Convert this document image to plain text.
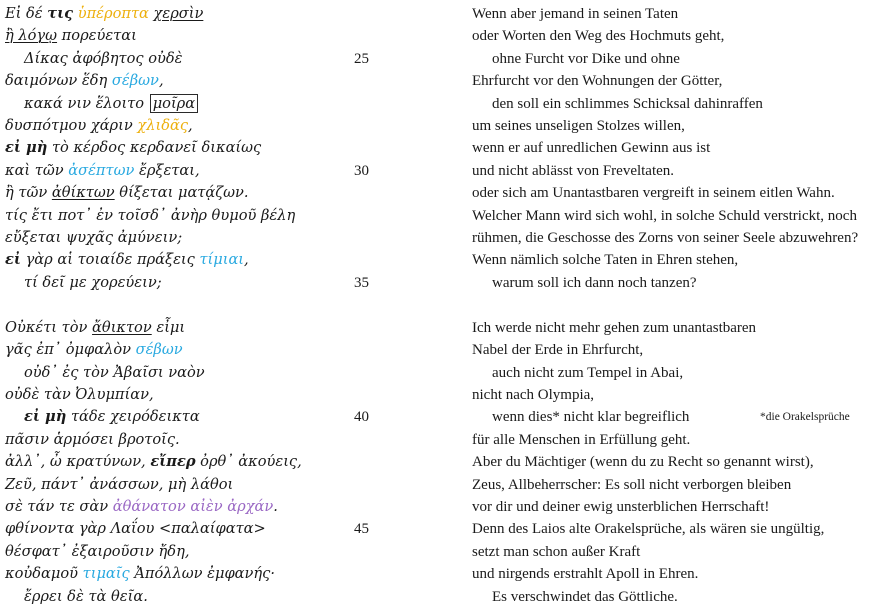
Εἰ δέ τις ὑπέροπτα χερσὶν	Wenn aber jemand in seinen Taten
ἢ λόγῳ πορεύεται	oder Worten den Weg des Hochmuts geht,
Δίκας ἀφόβητος οὐδὲ	25	ohne Furcht vor Dike und ohne
δαιμόνων ἕδη σέβων,	Ehrfurcht vor den Wohnungen der Götter,
κακά νιν ἕλοιτο μοῖρα	den soll ein schlimmes Schicksal dahinraffen
δυσπότμου χάριν χλιδᾶς,	um seines unseligen Stolzes willen,
εἰ μὴ τὸ κέρδος κερδανεῖ δικαίως	wenn er auf unredlichen Gewinn aus ist
καὶ τῶν ἀσέπτων ἔρξεται,	30	und nicht ablässt von Freveltaten.
ἢ τῶν ἀθίκτων θίξεται ματᾴζων.	oder sich am Unantastbaren vergreift in seinem eitlen Wahn.
τίς ἔτι ποτ᾽ ἐν τοῖσδ᾽ ἀνὴρ θυμοῦ βέλη	Welcher Mann wird sich wohl, in solche Schuld verstrickt, noch
εὔξεται ψυχᾶς ἀμύνειν;	rühmen, die Geschosse des Zorns von seiner Seele abzuwehren?
εἰ γὰρ αἱ τοιαίδε πράξεις τίμιαι,	Wenn nämlich solche Taten in Ehren stehen,
τί δεῖ με χορεύειν;	35	warum soll ich dann noch tanzen?
Οὐκέτι τὸν ἄθικτον εἶμι	Ich werde nicht mehr gehen zum unantastbaren
γᾶς ἐπ᾽ ὀμφαλὸν σέβων	Nabel der Erde in Ehrfurcht,
οὐδ᾽ ἐς τὸν Ἀβαῖσι ναὸν	auch nicht zum Tempel in Abai,
οὐδὲ τὰν Ὀλυμπίαν,	nicht nach Olympia,
εἰ μὴ τάδε χειρόδεικτα	40	wenn dies* nicht klar begreiflich	*die Orakelsprüche
πᾶσιν ἁρμόσει βροτοῖς.	für alle Menschen in Erfüllung geht.
ἀλλ᾽, ὦ κρατύνων, εἴπερ ὀρθ᾽ ἀκούεις,	Aber du Mächtiger (wenn du zu Recht so genannt wirst),
Ζεῦ, πάντ᾽ ἀνάσσων, μὴ λάθοι	Zeus, Allbeherrscher: Es soll nicht verborgen bleiben
σὲ τάν τε σὰν ἀθάνατον αἰὲν ἀρχάν.	vor dir und deiner ewig unsterblichen Herrschaft!
φθίνοντα γὰρ Λαΐου <παλαίφατα>	45	Denn des Laios alte Orakelsprüche, als wären sie ungültig,
θέσφατ᾽ ἐξαιροῦσιν ἤδη,	setzt man schon außer Kraft
κοὐδαμοῦ τιμαῖς Ἀπόλλων ἐμφανής·	und nirgends erstrahlt Apoll in Ehren.
ἔρρει δὲ τὰ θεῖα.	Es verschwindet das Göttliche.
